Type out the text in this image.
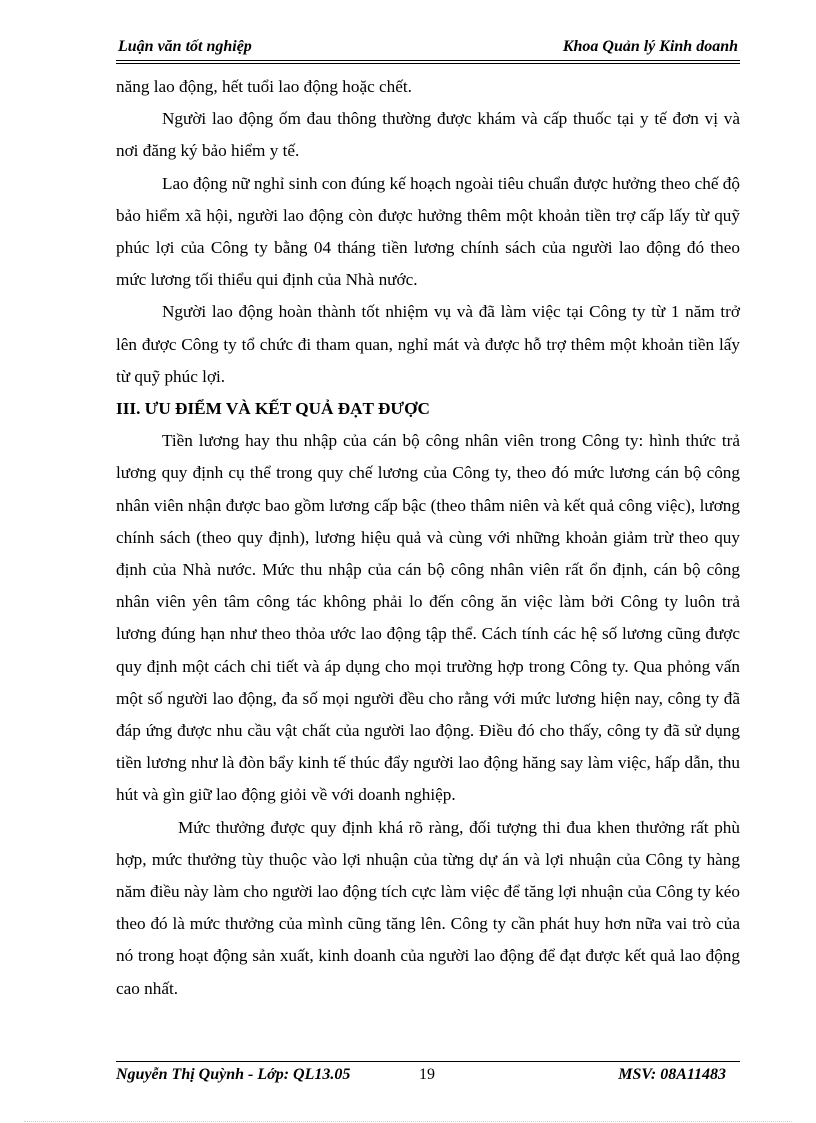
Luận văn tốt nghiệp	Khoa Quản lý Kinh doanh

năng lao động, hết tuổi lao động hoặc chết.

Người lao động ốm đau thông thường được khám và cấp thuốc tại y tế đơn vị và nơi đăng ký bảo hiểm y tế.

Lao động nữ nghỉ sinh con đúng kế hoạch ngoài tiêu chuẩn được hưởng theo chế độ bảo hiểm xã hội, người lao động còn được hưởng thêm một khoản tiền trợ cấp lấy từ quỹ phúc lợi của Công ty bằng 04 tháng tiền lương chính sách của người lao động đó theo mức lương tối thiểu qui định của Nhà nước.

Người lao động hoàn thành tốt nhiệm vụ và đã làm việc tại Công ty từ 1 năm trở lên được Công ty tổ chức đi tham quan, nghỉ mát và được hỗ trợ thêm một khoản tiền lấy từ quỹ phúc lợi.

III. ƯU ĐIỂM VÀ KẾT QUẢ ĐẠT ĐƯỢC

Tiền lương hay thu nhập của cán bộ công nhân viên trong Công ty: hình thức trả lương quy định cụ thể trong quy chế lương của Công ty, theo đó mức lương cán bộ công nhân viên nhận được bao gồm lương cấp bậc (theo thâm niên và kết quả công việc), lương chính sách (theo quy định), lương hiệu quả và cùng với những khoản giảm trừ theo quy định của Nhà nước. Mức thu nhập của cán bộ công nhân viên rất ổn định, cán bộ công nhân viên yên tâm công tác không phải lo đến công ăn việc làm bởi Công ty luôn trả lương đúng hạn như theo thỏa ước lao động tập thể. Cách tính các hệ số lương cũng được quy định một cách chi tiết và áp dụng cho mọi trường hợp trong Công ty. Qua phỏng vấn một số người lao động, đa số mọi người đều cho rằng với mức lương hiện nay, công ty đã đáp ứng được nhu cầu vật chất của người lao động. Điều đó cho thấy, công ty đã sử dụng tiền lương như là đòn bẩy kinh tế thúc đẩy người lao động hăng say làm việc, hấp dẫn, thu hút và gìn giữ lao động giỏi về với doanh nghiệp.

Mức thưởng được quy định khá rõ ràng, đối tượng thi đua khen thưởng rất phù hợp, mức thưởng tùy thuộc vào lợi nhuận của từng dự án và lợi nhuận của Công ty hàng năm điều này làm cho người lao động tích cực làm việc để tăng lợi nhuận của Công ty kéo theo đó là mức thưởng của mình cũng tăng lên. Công ty cần phát huy hơn nữa vai trò của nó trong hoạt động sản xuất, kinh doanh của người lao động để đạt được kết quả lao động cao nhất.

Nguyễn Thị Quỳnh - Lớp: QL13.05	19	MSV: 08A11483
